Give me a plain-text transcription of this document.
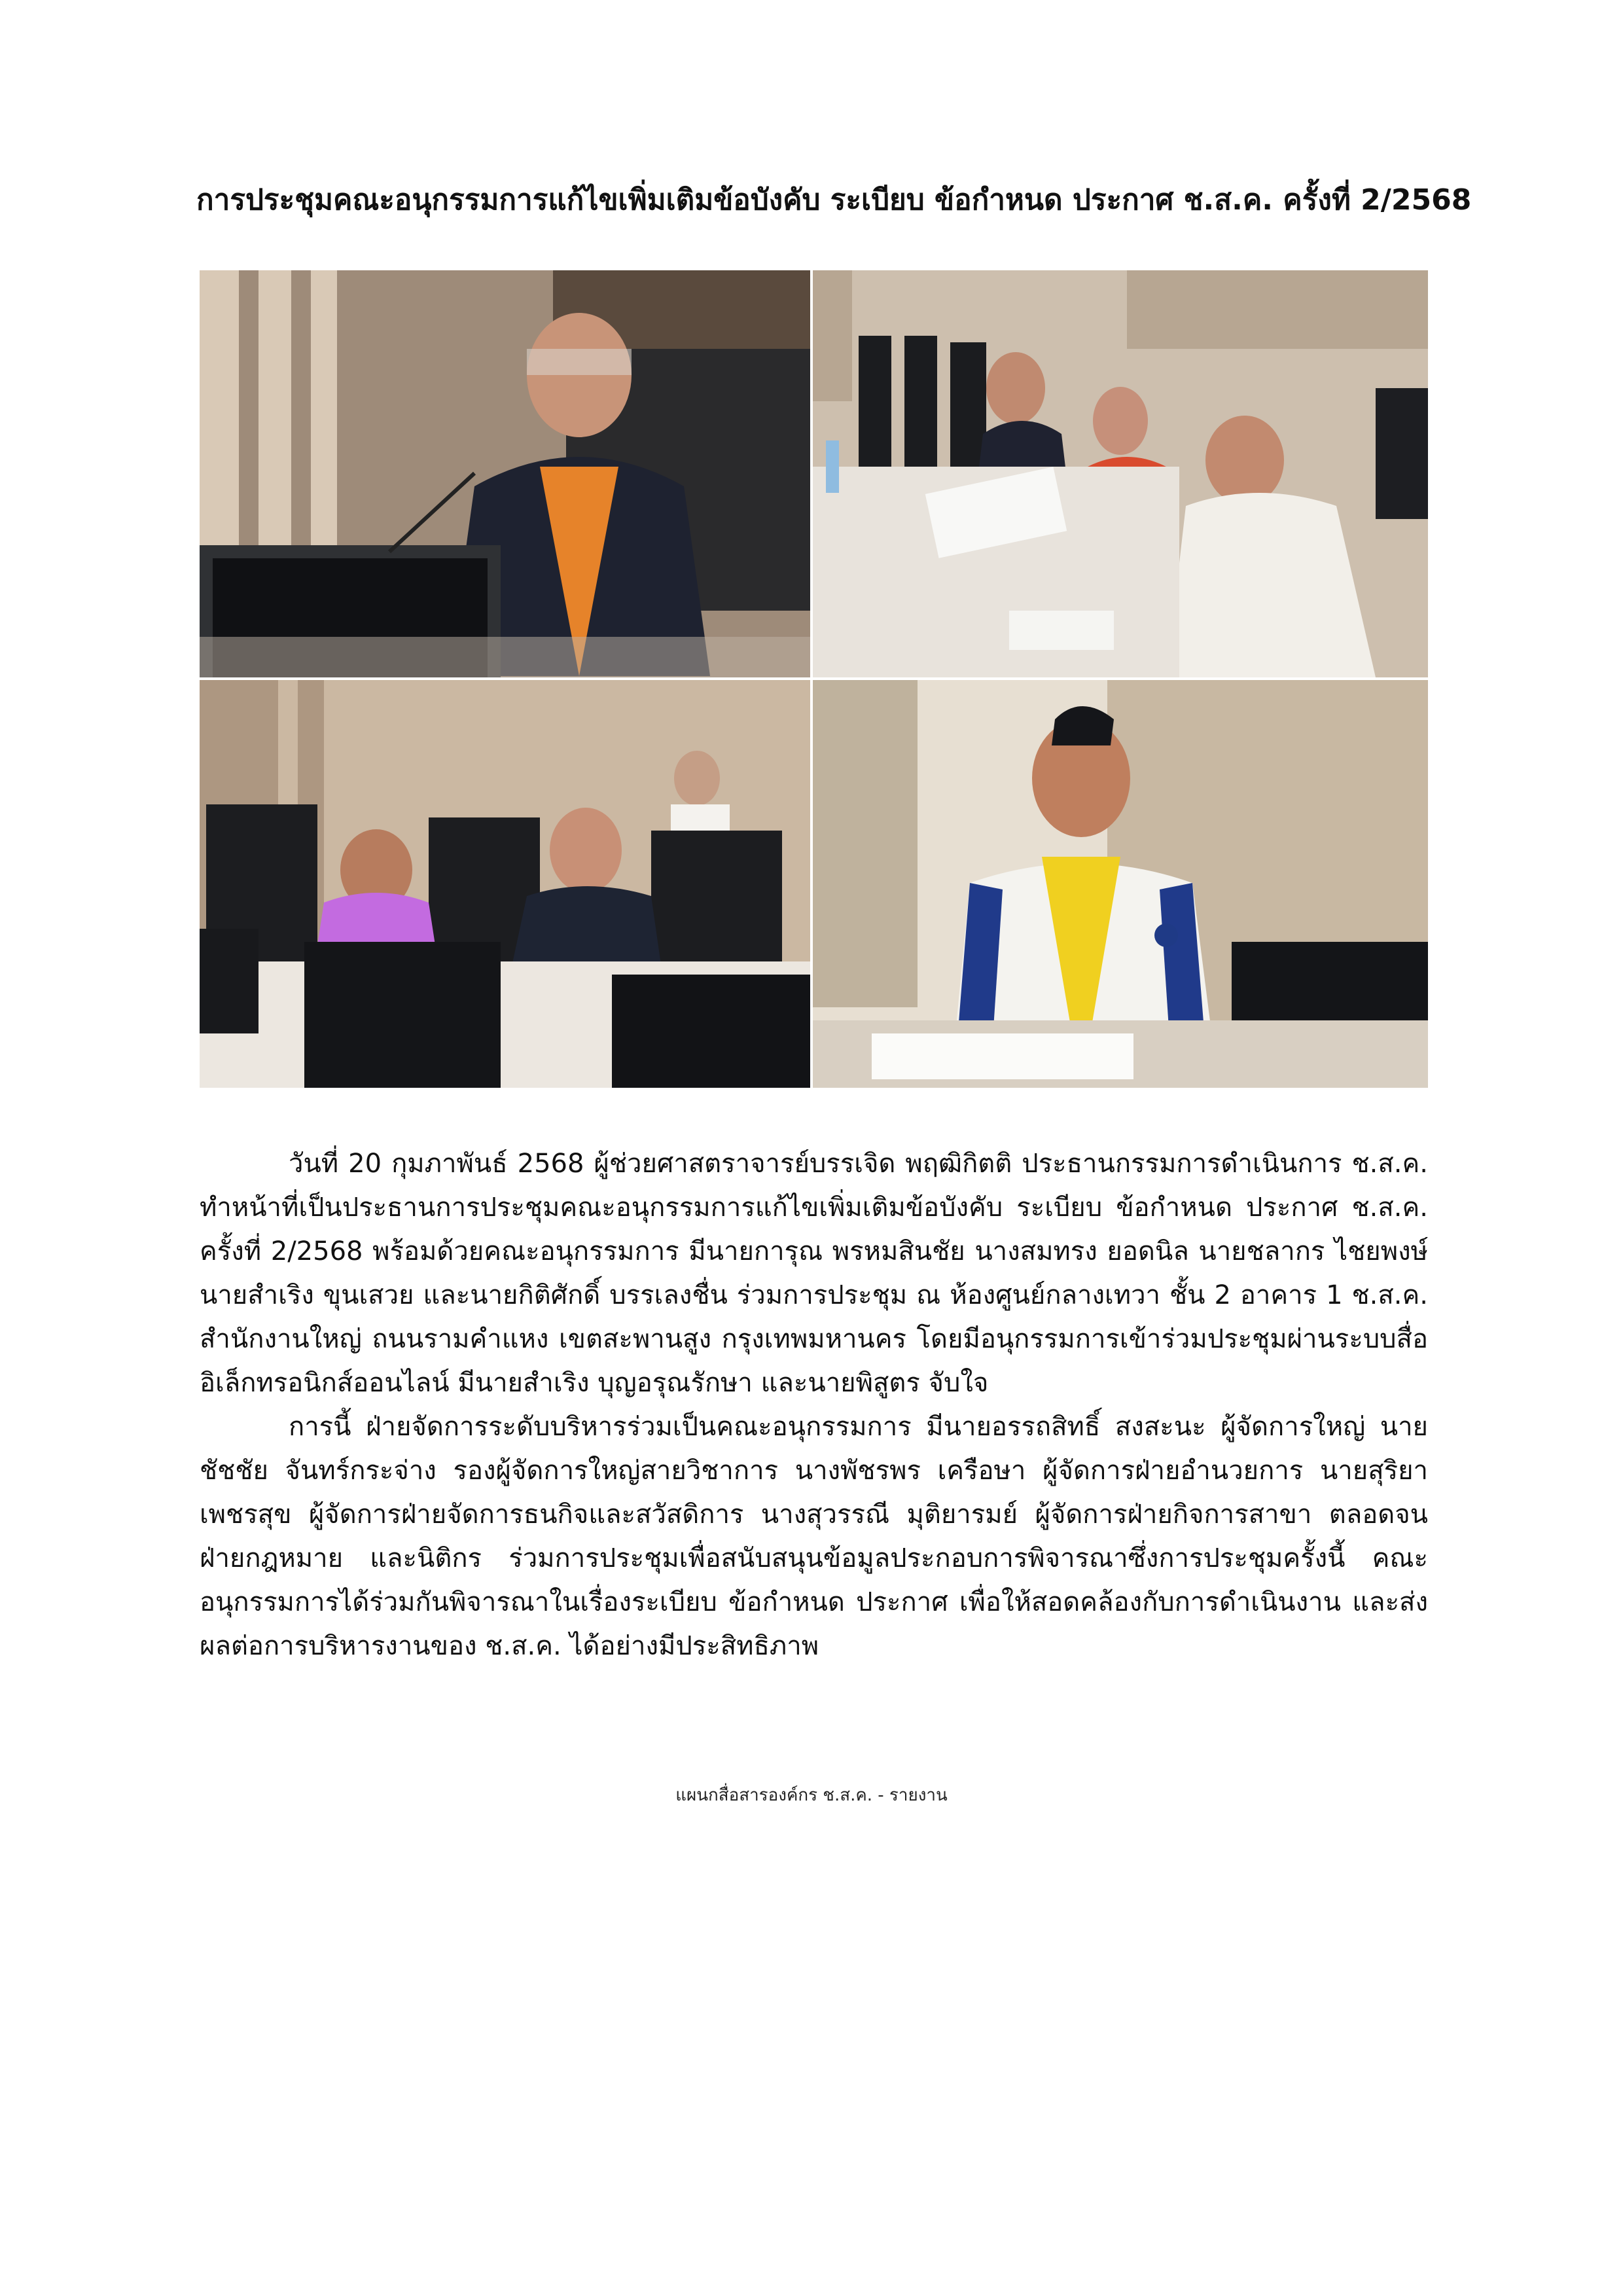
การประชุมคณะอนุกรรมการแก้ไขเพิ่มเติมข้อบังคับ ระเบียบ ข้อกำหนด ประกาศ ช.ส.ค. ครั้งที่ 2/2568

วันที่ 20 กุมภาพันธ์ 2568 ผู้ช่วยศาสตราจารย์บรรเจิด พฤฒิกิตติ ประธานกรรมการดำเนินการ ช.ส.ค. ทำหน้าที่เป็นประธานการประชุมคณะอนุกรรมการแก้ไขเพิ่มเติมข้อบังคับ ระเบียบ ข้อกำหนด ประกาศ ช.ส.ค. ครั้งที่ 2/2568 พร้อมด้วยคณะอนุกรรมการ มีนายการุณ พรหมสินชัย นางสมทรง ยอดนิล นายชลากร ไชยพงษ์ นายสำเริง ขุนเสวย และนายกิติศักดิ์ บรรเลงชื่น ร่วมการประชุม ณ ห้องศูนย์กลางเทวา ชั้น 2 อาคาร 1 ช.ส.ค. สำนักงานใหญ่ ถนนรามคำแหง เขตสะพานสูง กรุงเทพมหานคร โดยมีอนุกรรมการเข้าร่วมประชุมผ่านระบบสื่ออิเล็กทรอนิกส์ออนไลน์ มีนายสำเริง บุญอรุณรักษา และนายพิสูตร จับใจ

การนี้ ฝ่ายจัดการระดับบริหารร่วมเป็นคณะอนุกรรมการ มีนายอรรถสิทธิ์ สงสะนะ ผู้จัดการใหญ่ นายชัชชัย จันทร์กระจ่าง รองผู้จัดการใหญ่สายวิชาการ นางพัชรพร เครือษา ผู้จัดการฝ่ายอำนวยการ นายสุริยา เพชรสุข ผู้จัดการฝ่ายจัดการธนกิจและสวัสดิการ นางสุวรรณี มุติยารมย์ ผู้จัดการฝ่ายกิจการสาขา ตลอดจนฝ่ายกฎหมาย และนิติกร ร่วมการประชุมเพื่อสนับสนุนข้อมูลประกอบการพิจารณาซึ่งการประชุมครั้งนี้ คณะอนุกรรมการได้ร่วมกันพิจารณาในเรื่องระเบียบ ข้อกำหนด ประกาศ เพื่อให้สอดคล้องกับการดำเนินงาน และส่งผลต่อการบริหารงานของ ช.ส.ค. ได้อย่างมีประสิทธิภาพ

แผนกสื่อสารองค์กร ช.ส.ค. - รายงาน
